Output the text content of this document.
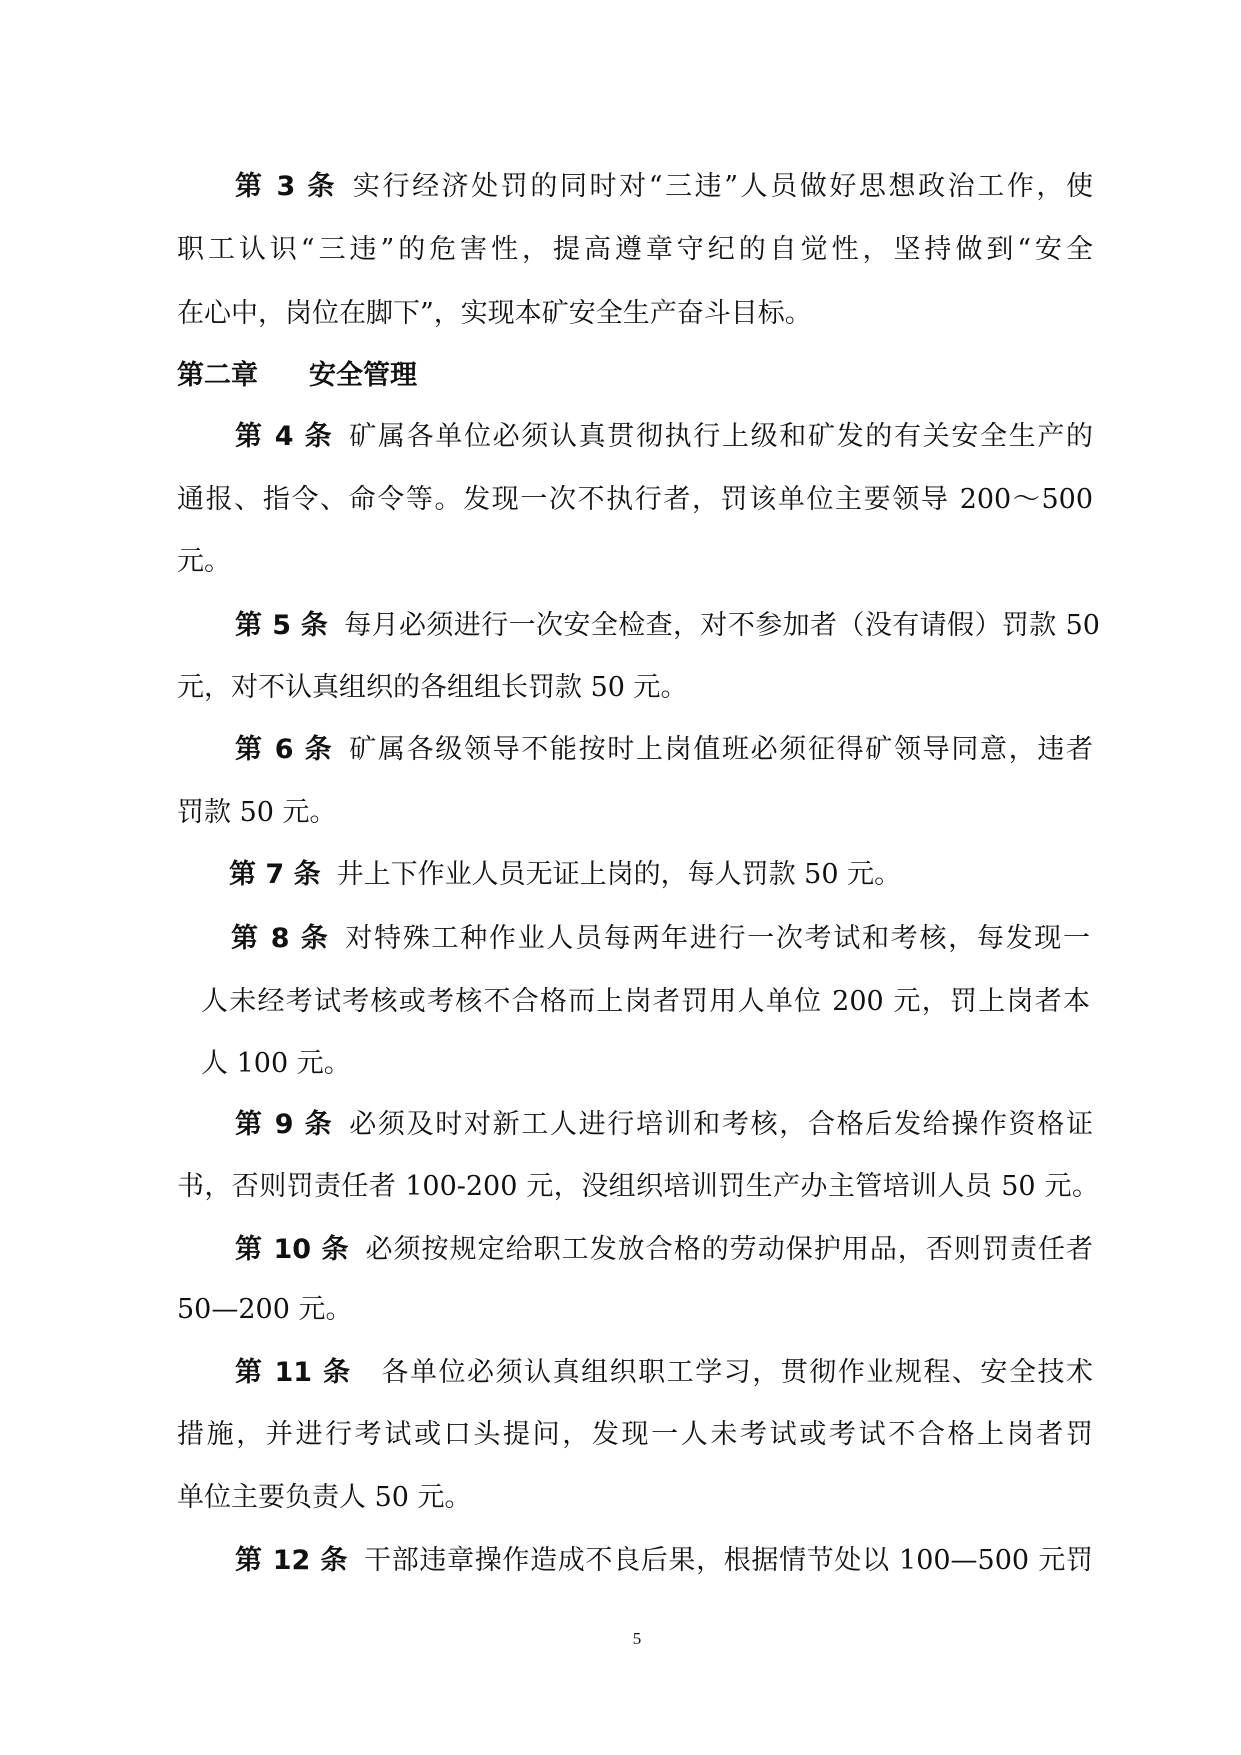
第 3 条 实行经济处罚的同时对“三违”人员做好思想政治工作，使
职工认识“三违”的危害性，提高遵章守纪的自觉性，坚持做到“安全
在心中，岗位在脚下”，实现本矿安全生产奋斗目标。
第二章 安全管理
第 4 条 矿属各单位必须认真贯彻执行上级和矿发的有关安全生产的
通报、指令、命令等。发现一次不执行者，罚该单位主要领导 200～500
元。
第 5 条 每月必须进行一次安全检查，对不参加者（没有请假）罚款 50
元，对不认真组织的各组组长罚款 50 元。
第 6 条 矿属各级领导不能按时上岗值班必须征得矿领导同意，违者
罚款 50 元。
第 7 条 井上下作业人员无证上岗的，每人罚款 50 元。
第 8 条 对特殊工种作业人员每两年进行一次考试和考核，每发现一
人未经考试考核或考核不合格而上岗者罚用人单位 200 元，罚上岗者本
人 100 元。
第 9 条 必须及时对新工人进行培训和考核，合格后发给操作资格证
书，否则罚责任者 100-200 元，没组织培训罚生产办主管培训人员 50 元。
第 10 条 必须按规定给职工发放合格的劳动保护用品，否则罚责任者
50—200 元。
第 11 条 各单位必须认真组织职工学习，贯彻作业规程、安全技术
措施，并进行考试或口头提问，发现一人未考试或考试不合格上岗者罚
单位主要负责人 50 元。
第 12 条 干部违章操作造成不良后果，根据情节处以 100—500 元罚
5
